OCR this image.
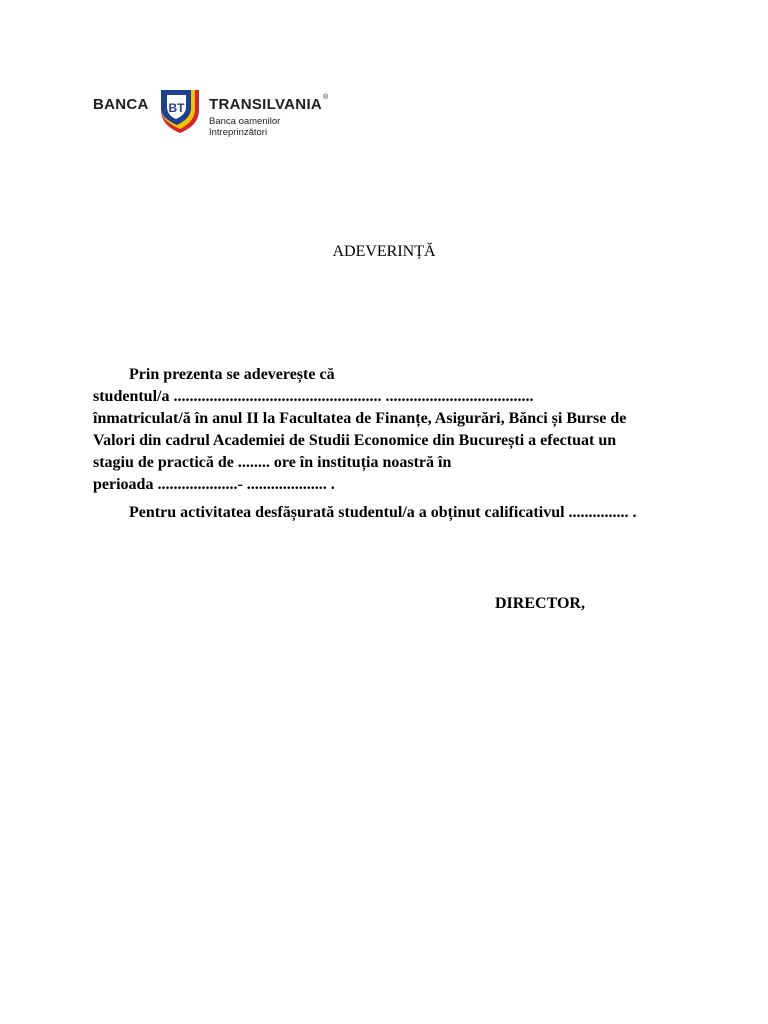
BANCA BT TRANSILVANIA®
Banca oamenilor
întreprinzători
ADEVERINȚĂ
Prin prezenta se adeverește că
studentul/a .................................................... .....................................
înmatriculat/ă în anul II la Facultatea de Finanțe, Asigurări, Bănci și Burse de
Valori din cadrul Academiei de Studii Economice din București a efectuat un
stagiu de practică de ........ ore în instituția noastră în
perioada ....................- .................... .
Pentru activitatea desfășurată studentul/a a obținut calificativul ............... .
DIRECTOR,
